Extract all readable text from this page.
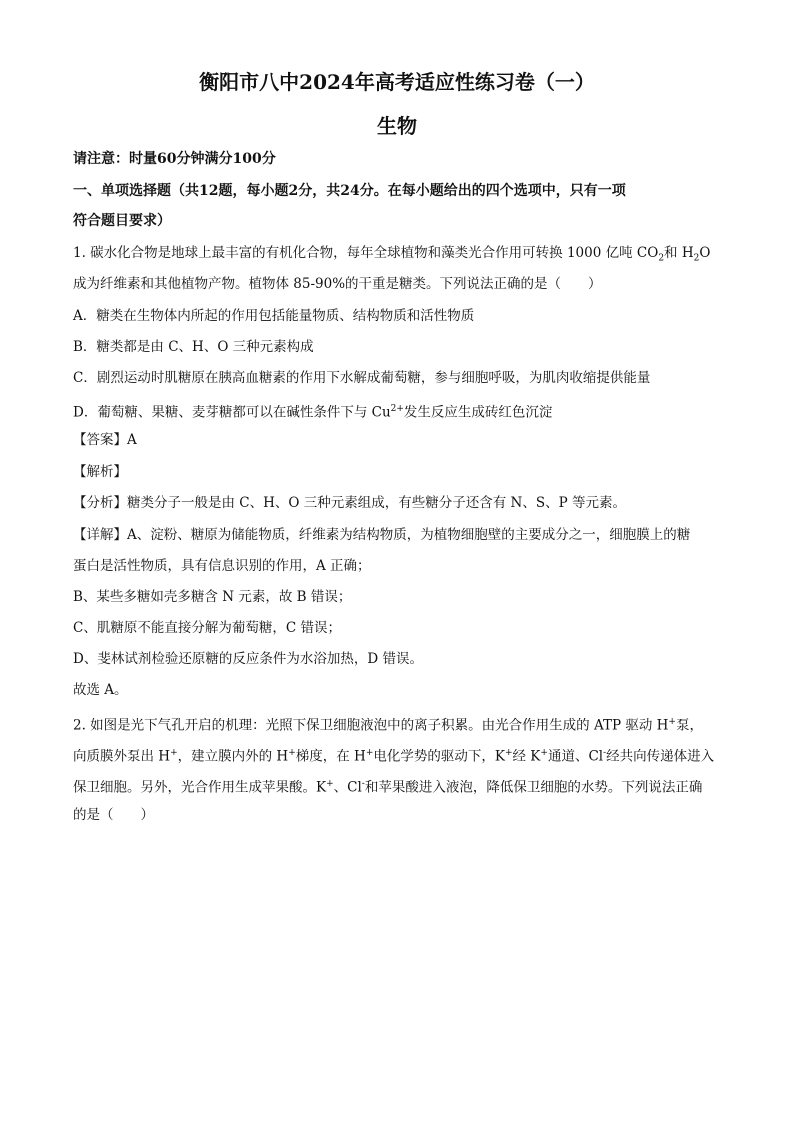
衡阳市八中2024年高考适应性练习卷（一）
生物
请注意：时量60分钟满分100分
一、单项选择题（共12题，每小题2分，共24分。在每小题给出的四个选项中，只有一项
符合题目要求）
1. 碳水化合物是地球上最丰富的有机化合物，每年全球植物和藻类光合作用可转换 1000 亿吨 $CO_2$和 $H_2O$
成为纤维素和其他植物产物。植物体 85-90%的干重是糖类。下列说法正确的是（　　）
A．糖类在生物体内所起的作用包括能量物质、结构物质和活性物质
B．糖类都是由 C、H、O 三种元素构成
C．剧烈运动时肌糖原在胰高血糖素的作用下水解成葡萄糖，参与细胞呼吸，为肌肉收缩提供能量
D．葡萄糖、果糖、麦芽糖都可以在碱性条件下与 $Cu^{2+}$发生反应生成砖红色沉淀
【答案】A
【解析】
【分析】糖类分子一般是由 C、H、O 三种元素组成，有些糖分子还含有 N、S、P 等元素。
【详解】A、淀粉、糖原为储能物质，纤维素为结构物质，为植物细胞壁的主要成分之一，细胞膜上的糖
蛋白是活性物质，具有信息识别的作用，A 正确；
B、某些多糖如壳多糖含 N 元素，故 B 错误；
C、肌糖原不能直接分解为葡萄糖，C 错误；
D、斐林试剂检验还原糖的反应条件为水浴加热，D 错误。
故选 A。
2. 如图是光下气孔开启的机理：光照下保卫细胞液泡中的离子积累。由光合作用生成的 ATP 驱动 H+泵，
向质膜外泵出 H+，建立膜内外的 H+梯度，在 H+电化学势的驱动下，K+经 K+通道、Cl-经共向传递体进入
保卫细胞。另外，光合作用生成苹果酸。K+、Cl-和苹果酸进入液泡，降低保卫细胞的水势。下列说法正确
的是（　　）
